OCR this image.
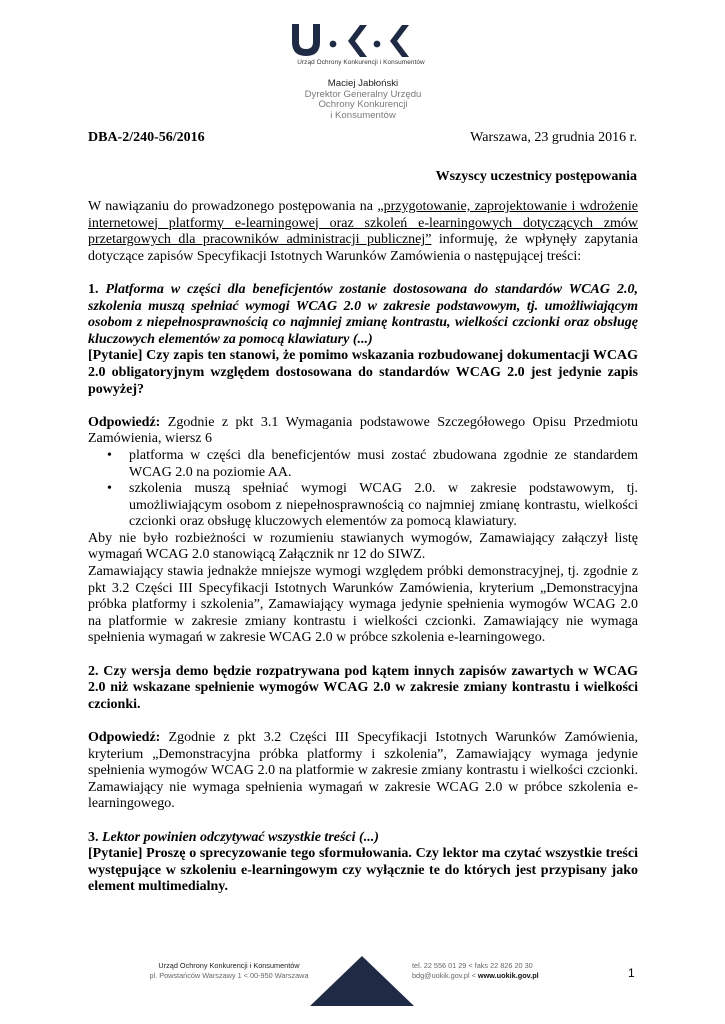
Urząd Ochrony Konkurencji i Konsumentów
Maciej Jabłoński
Dyrektor Generalny Urzędu
Ochrony Konkurencji
i Konsumentów
DBA-2/240-56/2016	Warszawa, 23 grudnia 2016 r.
Wszyscy uczestnicy postępowania

W nawiązaniu do prowadzonego postępowania na „przygotowanie, zaprojektowanie i wdrożenie internetowej platformy e-learningowej oraz szkoleń e-learningowych dotyczących zmów przetargowych dla pracowników administracji publicznej” informuję, że wpłynęły zapytania dotyczące zapisów Specyfikacji Istotnych Warunków Zamówienia o następującej treści:

1. Platforma w części dla beneficjentów zostanie dostosowana do standardów WCAG 2.0, szkolenia muszą spełniać wymogi WCAG 2.0 w zakresie podstawowym, tj. umożliwiającym osobom z niepełnosprawnością co najmniej zmianę kontrastu, wielkości czcionki oraz obsługę kluczowych elementów za pomocą klawiatury (...)

[Pytanie] Czy zapis ten stanowi, że pomimo wskazania rozbudowanej dokumentacji WCAG 2.0 obligatoryjnym względem dostosowana do standardów WCAG 2.0 jest jedynie zapis powyżej?

Odpowiedź: Zgodnie z pkt 3.1 Wymagania podstawowe Szczegółowego Opisu Przedmiotu Zamówienia, wiersz 6

• platforma w części dla beneficjentów musi zostać zbudowana zgodnie ze standardem WCAG 2.0 na poziomie AA.
• szkolenia muszą spełniać wymogi WCAG 2.0. w zakresie podstawowym, tj. umożliwiającym osobom z niepełnosprawnością co najmniej zmianę kontrastu, wielkości czcionki oraz obsługę kluczowych elementów za pomocą klawiatury.

Aby nie było rozbieżności w rozumieniu stawianych wymogów, Zamawiający załączył listę wymagań WCAG 2.0 stanowiącą Załącznik nr 12 do SIWZ.

Zamawiający stawia jednakże mniejsze wymogi względem próbki demonstracyjnej, tj. zgodnie z pkt 3.2 Części III Specyfikacji Istotnych Warunków Zamówienia, kryterium „Demonstracyjna próbka platformy i szkolenia”, Zamawiający wymaga jedynie spełnienia wymogów WCAG 2.0 na platformie w zakresie zmiany kontrastu i wielkości czcionki. Zamawiający nie wymaga spełnienia wymagań w zakresie WCAG 2.0 w próbce szkolenia e-learningowego.

2. Czy wersja demo będzie rozpatrywana pod kątem innych zapisów zawartych w WCAG 2.0 niż wskazane spełnienie wymogów WCAG 2.0 w zakresie zmiany kontrastu i wielkości czcionki.

Odpowiedź: Zgodnie z pkt 3.2 Części III Specyfikacji Istotnych Warunków Zamówienia, kryterium „Demonstracyjna próbka platformy i szkolenia”, Zamawiający wymaga jedynie spełnienia wymogów WCAG 2.0 na platformie w zakresie zmiany kontrastu i wielkości czcionki. Zamawiający nie wymaga spełnienia wymagań w zakresie WCAG 2.0 w próbce szkolenia e-learningowego.

3. Lektor powinien odczytywać wszystkie treści (...)

[Pytanie] Proszę o sprecyzowanie tego sformułowania. Czy lektor ma czytać wszystkie treści występujące w szkoleniu e-learningowym czy wyłącznie te do których jest przypisany jako element multimedialny.

Urząd Ochrony Konkurencji i Konsumentów
pl. Powstańców Warszawy 1 < 00-950 Warszawa
tel. 22 556 01 29 < faks 22 826 20 30
bdg@uokik.gov.pl < www.uokik.gov.pl	1
